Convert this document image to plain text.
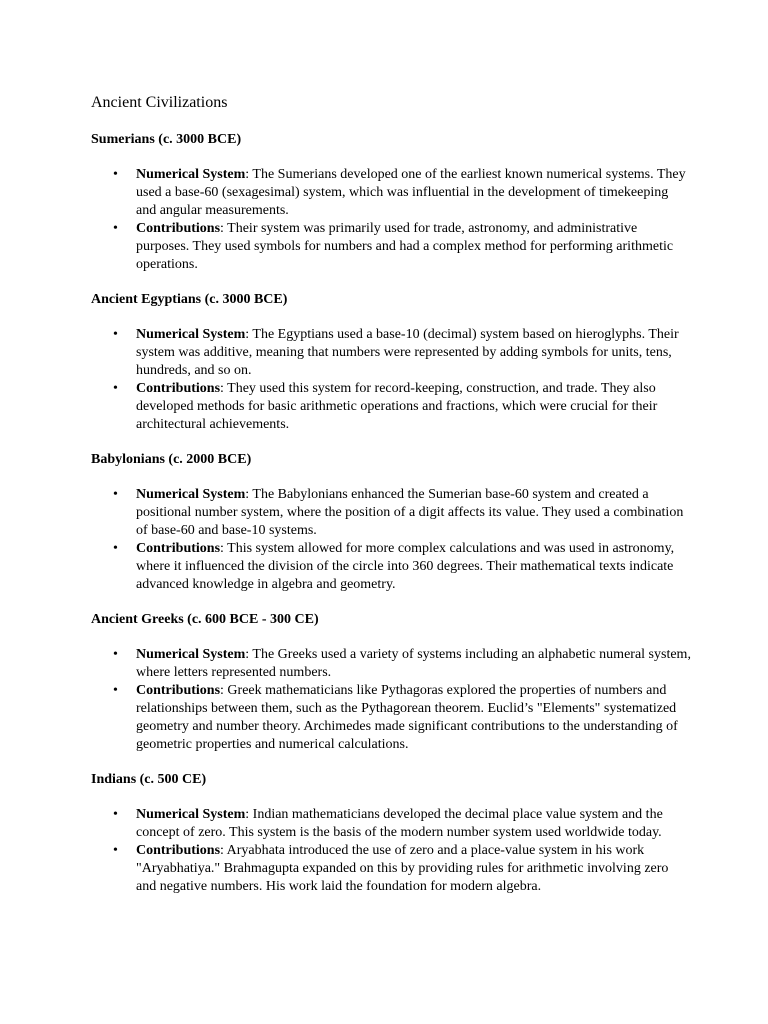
Ancient Civilizations
Sumerians (c. 3000 BCE)
• Numerical System: The Sumerians developed one of the earliest known numerical systems. They used a base-60 (sexagesimal) system, which was influential in the development of timekeeping and angular measurements.
• Contributions: Their system was primarily used for trade, astronomy, and administrative purposes. They used symbols for numbers and had a complex method for performing arithmetic operations.
Ancient Egyptians (c. 3000 BCE)
• Numerical System: The Egyptians used a base-10 (decimal) system based on hieroglyphs. Their system was additive, meaning that numbers were represented by adding symbols for units, tens, hundreds, and so on.
• Contributions: They used this system for record-keeping, construction, and trade. They also developed methods for basic arithmetic operations and fractions, which were crucial for their architectural achievements.
Babylonians (c. 2000 BCE)
• Numerical System: The Babylonians enhanced the Sumerian base-60 system and created a positional number system, where the position of a digit affects its value. They used a combination of base-60 and base-10 systems.
• Contributions: This system allowed for more complex calculations and was used in astronomy, where it influenced the division of the circle into 360 degrees. Their mathematical texts indicate advanced knowledge in algebra and geometry.
Ancient Greeks (c. 600 BCE - 300 CE)
• Numerical System: The Greeks used a variety of systems including an alphabetic numeral system, where letters represented numbers.
• Contributions: Greek mathematicians like Pythagoras explored the properties of numbers and relationships between them, such as the Pythagorean theorem. Euclid’s "Elements" systematized geometry and number theory. Archimedes made significant contributions to the understanding of geometric properties and numerical calculations.
Indians (c. 500 CE)
• Numerical System: Indian mathematicians developed the decimal place value system and the concept of zero. This system is the basis of the modern number system used worldwide today.
• Contributions: Aryabhata introduced the use of zero and a place-value system in his work "Aryabhatiya." Brahmagupta expanded on this by providing rules for arithmetic involving zero and negative numbers. His work laid the foundation for modern algebra.
